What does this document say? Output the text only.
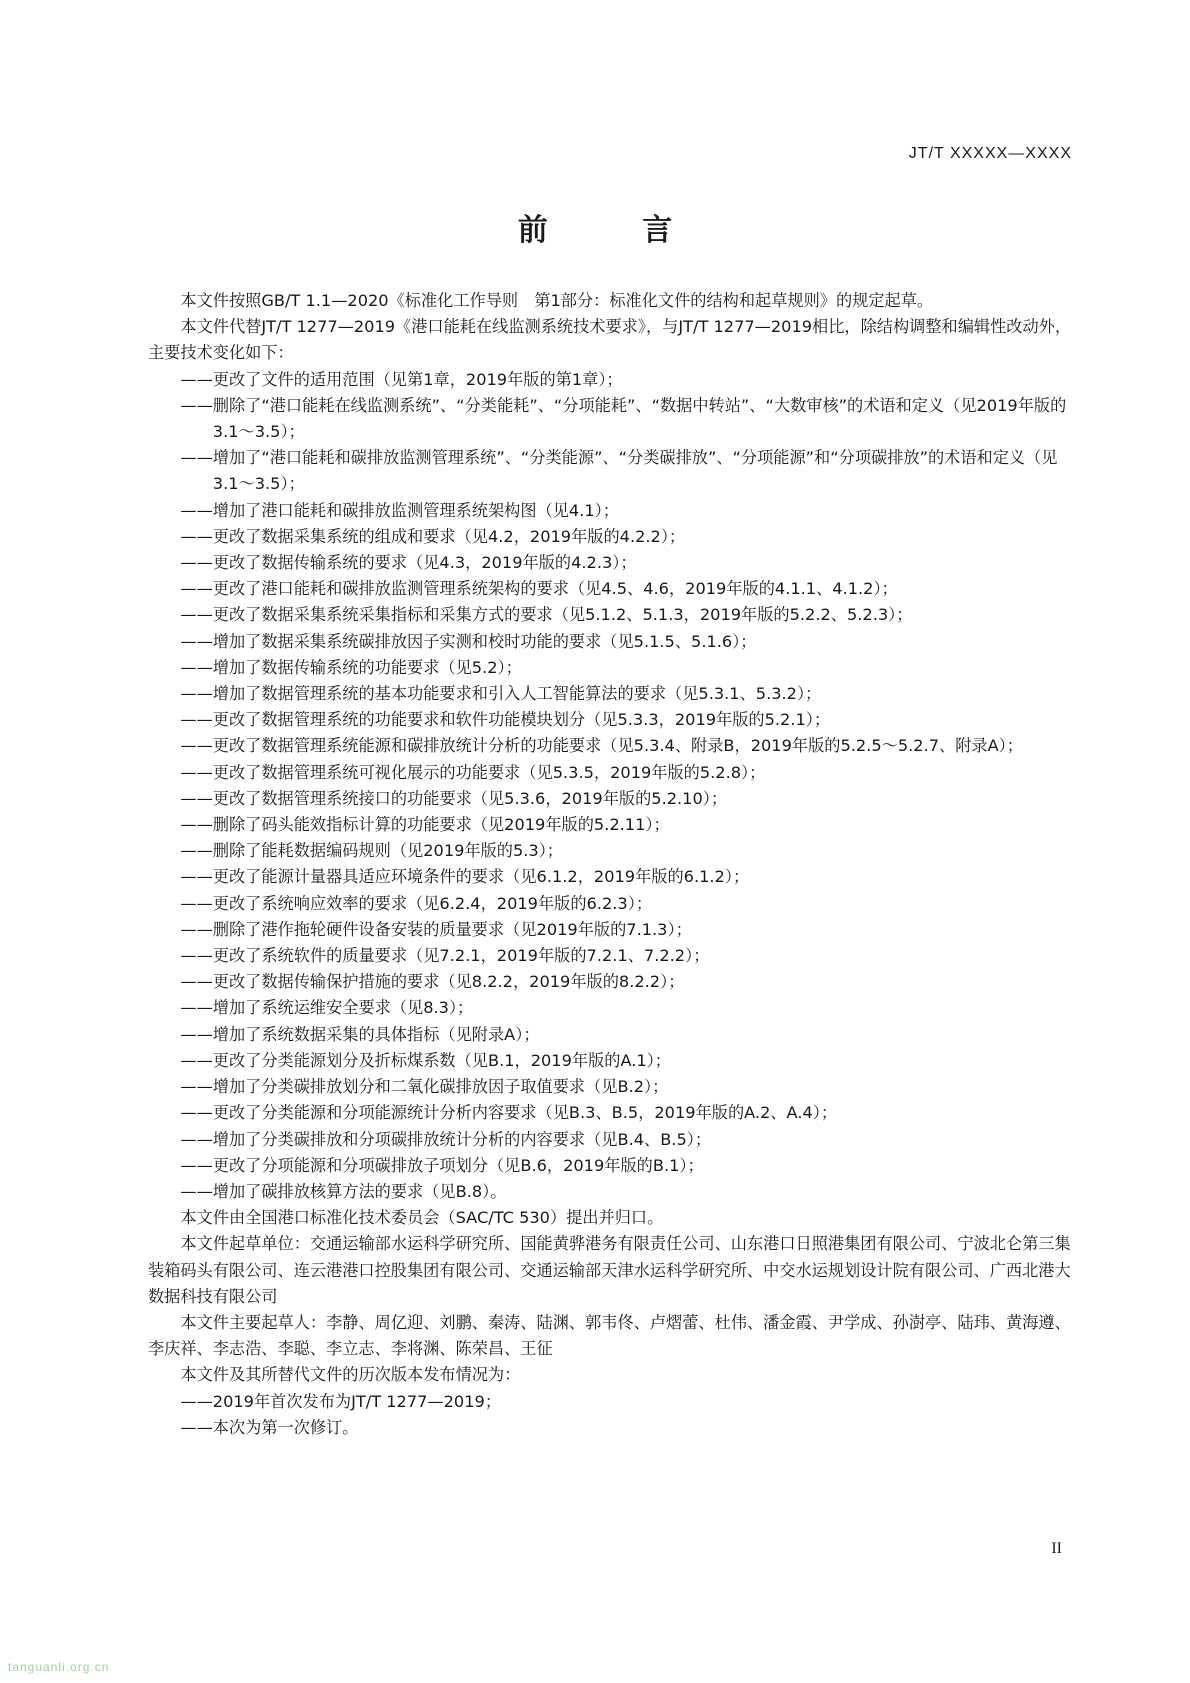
JT/T XXXXX—XXXX
前 言

本文件按照GB/T 1.1—2020《标准化工作导则　第1部分：标准化文件的结构和起草规则》的规定起草。

本文件代替JT/T 1277—2019《港口能耗在线监测系统技术要求》，与JT/T 1277—2019相比，除结构调整和编辑性改动外，主要技术变化如下：

——更改了文件的适用范围（见第1章，2019年版的第1章）；
——删除了“港口能耗在线监测系统”、“分类能耗”、“分项能耗”、“数据中转站”、“大数审核”的术语和定义（见2019年版的3.1～3.5）；
——增加了“港口能耗和碳排放监测管理系统”、“分类能源”、“分类碳排放”、“分项能源”和“分项碳排放”的术语和定义（见3.1～3.5）；
——增加了港口能耗和碳排放监测管理系统架构图（见4.1）；
——更改了数据采集系统的组成和要求（见4.2，2019年版的4.2.2）；
——更改了数据传输系统的要求（见4.3，2019年版的4.2.3）；
——更改了港口能耗和碳排放监测管理系统架构的要求（见4.5、4.6，2019年版的4.1.1、4.1.2）；
——更改了数据采集系统采集指标和采集方式的要求（见5.1.2、5.1.3，2019年版的5.2.2、5.2.3）；
——增加了数据采集系统碳排放因子实测和校时功能的要求（见5.1.5、5.1.6）；
——增加了数据传输系统的功能要求（见5.2）；
——增加了数据管理系统的基本功能要求和引入人工智能算法的要求（见5.3.1、5.3.2）；
——更改了数据管理系统的功能要求和软件功能模块划分（见5.3.3，2019年版的5.2.1）；
——更改了数据管理系统能源和碳排放统计分析的功能要求（见5.3.4、附录B，2019年版的5.2.5～5.2.7、附录A）；
——更改了数据管理系统可视化展示的功能要求（见5.3.5，2019年版的5.2.8）；
——更改了数据管理系统接口的功能要求（见5.3.6，2019年版的5.2.10）；
——删除了码头能效指标计算的功能要求（见2019年版的5.2.11）；
——删除了能耗数据编码规则（见2019年版的5.3）；
——更改了能源计量器具适应环境条件的要求（见6.1.2，2019年版的6.1.2）；
——更改了系统响应效率的要求（见6.2.4，2019年版的6.2.3）；
——删除了港作拖轮硬件设备安装的质量要求（见2019年版的7.1.3）；
——更改了系统软件的质量要求（见7.2.1，2019年版的7.2.1、7.2.2）；
——更改了数据传输保护措施的要求（见8.2.2，2019年版的8.2.2）；
——增加了系统运维安全要求（见8.3）；
——增加了系统数据采集的具体指标（见附录A）；
——更改了分类能源划分及折标煤系数（见B.1，2019年版的A.1）；
——增加了分类碳排放划分和二氧化碳排放因子取值要求（见B.2）；
——更改了分类能源和分项能源统计分析内容要求（见B.3、B.5，2019年版的A.2、A.4）；
——增加了分类碳排放和分项碳排放统计分析的内容要求（见B.4、B.5）；
——更改了分项能源和分项碳排放子项划分（见B.6，2019年版的B.1）；
——增加了碳排放核算方法的要求（见B.8）。

本文件由全国港口标准化技术委员会（SAC/TC 530）提出并归口。

本文件起草单位：交通运输部水运科学研究所、国能黄骅港务有限责任公司、山东港口日照港集团有限公司、宁波北仑第三集装箱码头有限公司、连云港港口控股集团有限公司、交通运输部天津水运科学研究所、中交水运规划设计院有限公司、广西北港大数据科技有限公司

本文件主要起草人：李静、周亿迎、刘鹏、秦涛、陆渊、郭韦佟、卢熠蕾、杜伟、潘金霞、尹学成、孙澍亭、陆玮、黄海遵、李庆祥、李志浩、李聪、李立志、李将渊、陈荣昌、王征

本文件及其所替代文件的历次版本发布情况为：

——2019年首次发布为JT/T 1277—2019；
——本次为第一次修订。
II
tanguanli.org.cn
